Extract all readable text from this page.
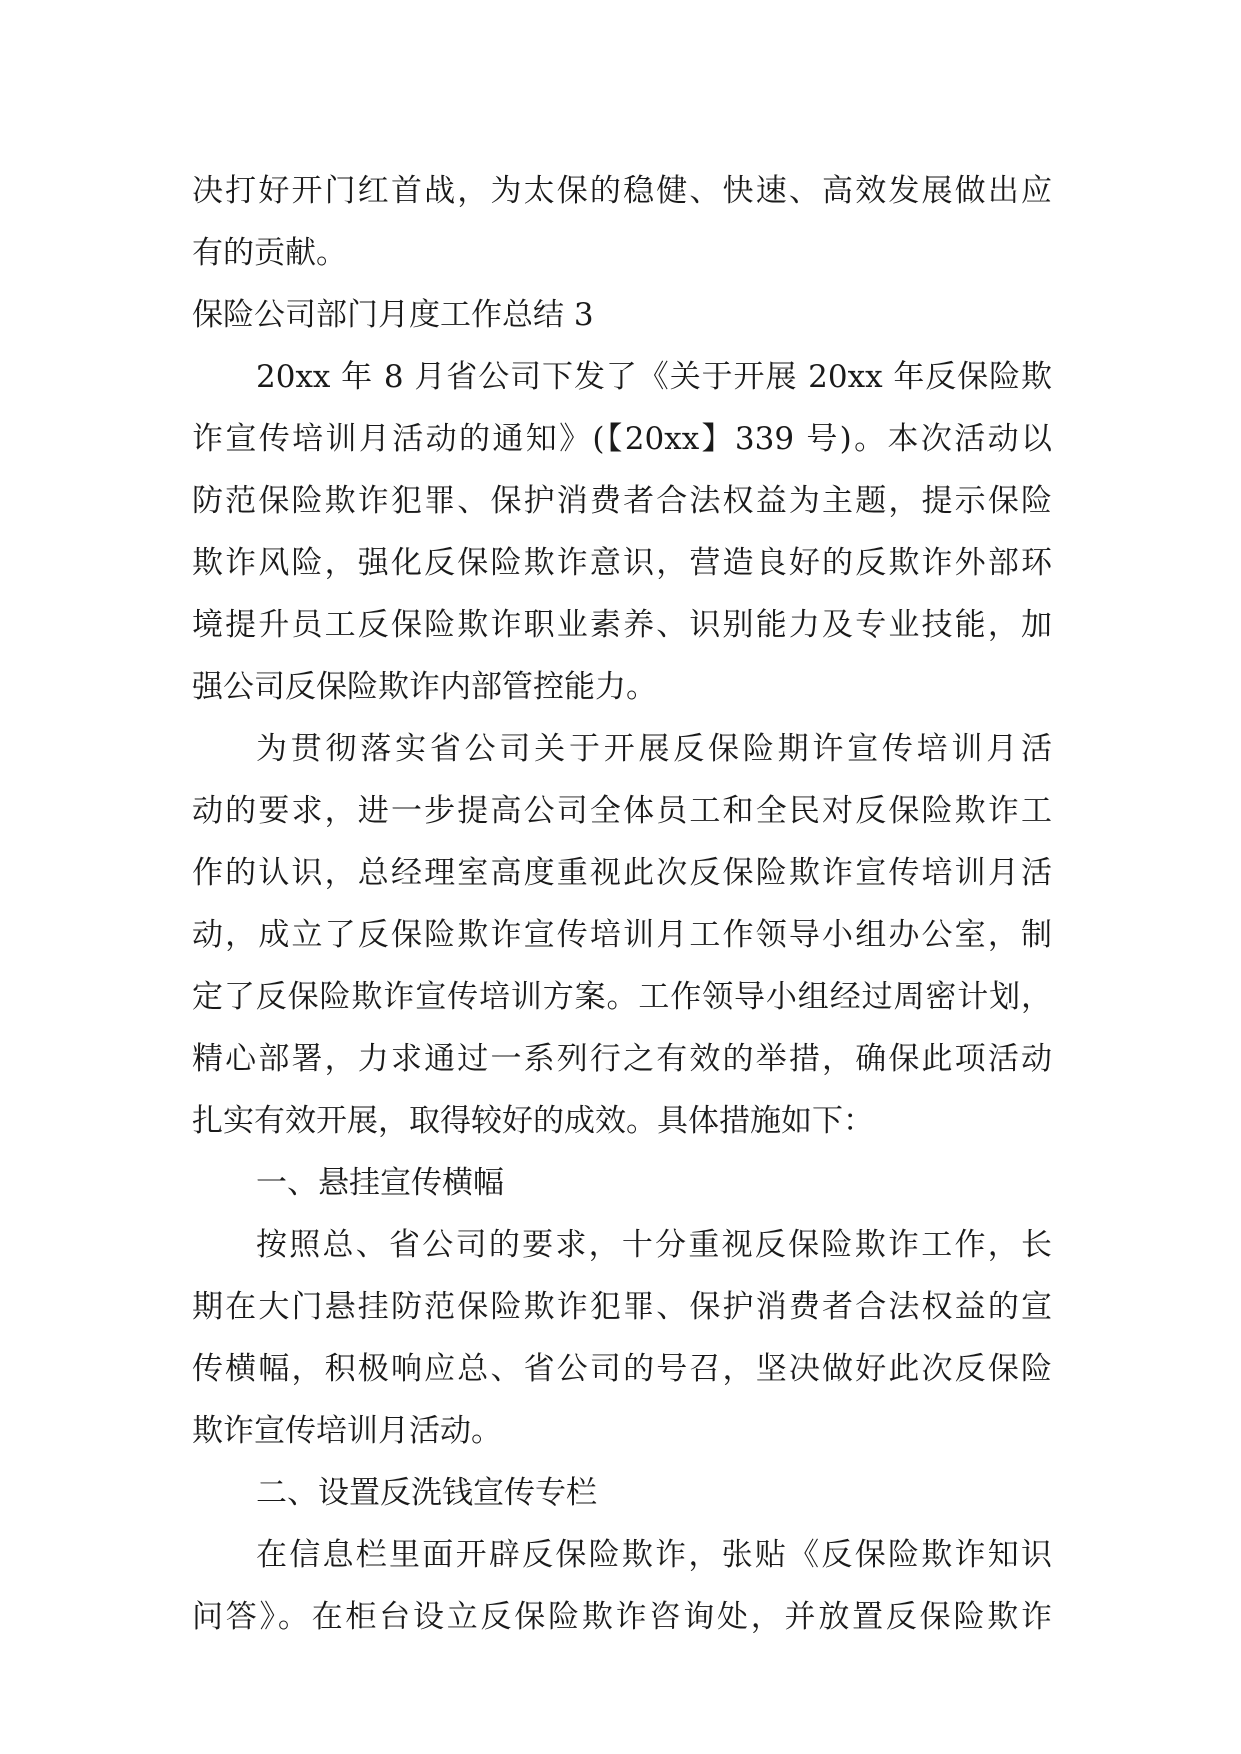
决打好开门红首战，为太保的稳健、快速、高效发展做出应
有的贡献。
保险公司部门月度工作总结 3
20xx 年 8 月省公司下发了《关于开展 20xx 年反保险欺
诈宣传培训月活动的通知》(【20xx】339 号)。本次活动以
防范保险欺诈犯罪、保护消费者合法权益为主题，提示保险
欺诈风险，强化反保险欺诈意识，营造良好的反欺诈外部环
境提升员工反保险欺诈职业素养、识别能力及专业技能，加
强公司反保险欺诈内部管控能力。
为贯彻落实省公司关于开展反保险期许宣传培训月活
动的要求，进一步提高公司全体员工和全民对反保险欺诈工
作的认识，总经理室高度重视此次反保险欺诈宣传培训月活
动，成立了反保险欺诈宣传培训月工作领导小组办公室，制
定了反保险欺诈宣传培训方案。工作领导小组经过周密计划，
精心部署，力求通过一系列行之有效的举措，确保此项活动
扎实有效开展，取得较好的成效。具体措施如下：
一、悬挂宣传横幅
按照总、省公司的要求，十分重视反保险欺诈工作，长
期在大门悬挂防范保险欺诈犯罪、保护消费者合法权益的宣
传横幅，积极响应总、省公司的号召，坚决做好此次反保险
欺诈宣传培训月活动。
二、设置反洗钱宣传专栏
在信息栏里面开辟反保险欺诈，张贴《反保险欺诈知识
问答》。在柜台设立反保险欺诈咨询处，并放置反保险欺诈
